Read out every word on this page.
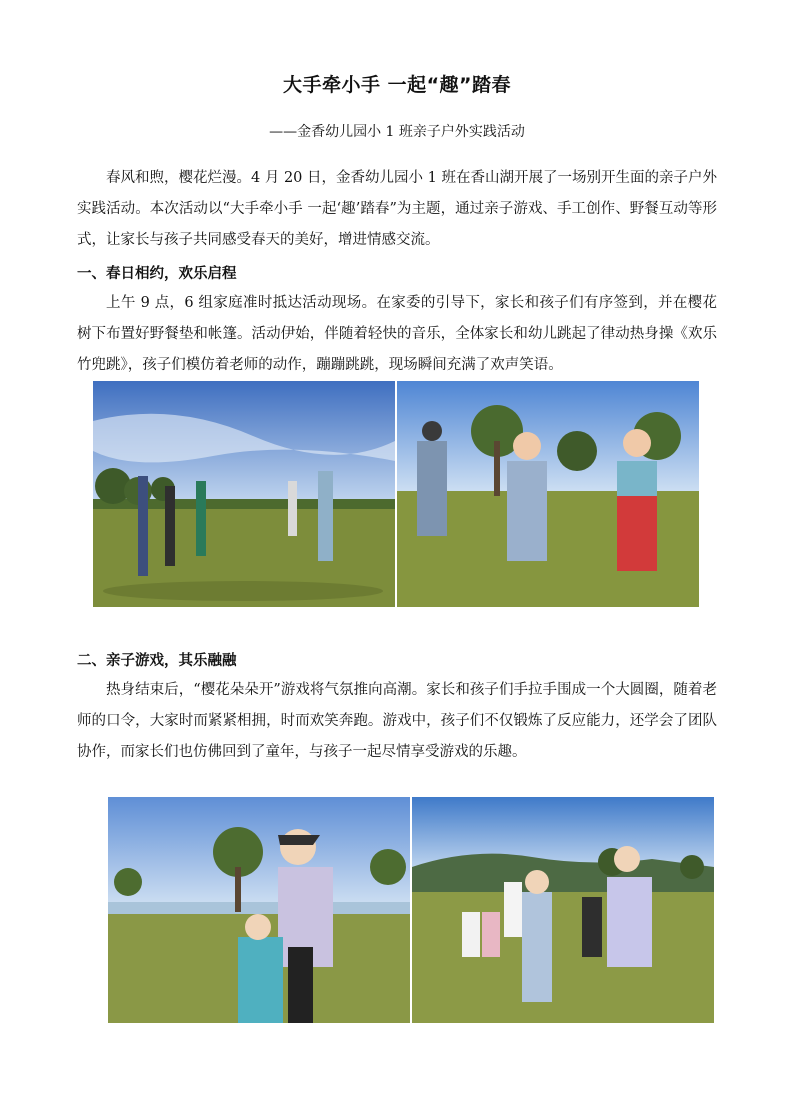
大手牵小手 一起“趣”踏春
——金香幼儿园小 1 班亲子户外实践活动

春风和煦，樱花烂漫。4 月 20 日，金香幼儿园小 1 班在香山湖开展了一场别开生面的亲子户外实践活动。本次活动以“大手牵小手 一起‘趣’踏春”为主题，通过亲子游戏、手工创作、野餐互动等形式，让家长与孩子共同感受春天的美好，增进情感交流。

一、春日相约，欢乐启程

上午 9 点，6 组家庭准时抵达活动现场。在家委的引导下，家长和孩子们有序签到，并在樱花树下布置好野餐垫和帐篷。活动伊始，伴随着轻快的音乐，全体家长和幼儿跳起了律动热身操《欢乐竹兜跳》，孩子们模仿着老师的动作，蹦蹦跳跳，现场瞬间充满了欢声笑语。

二、亲子游戏，其乐融融

热身结束后，“樱花朵朵开”游戏将气氛推向高潮。家长和孩子们手拉手围成一个大圆圈，随着老师的口令，大家时而紧紧相拥，时而欢笑奔跑。游戏中，孩子们不仅锻炼了反应能力，还学会了团队协作，而家长们也仿佛回到了童年，与孩子一起尽情享受游戏的乐趣。
